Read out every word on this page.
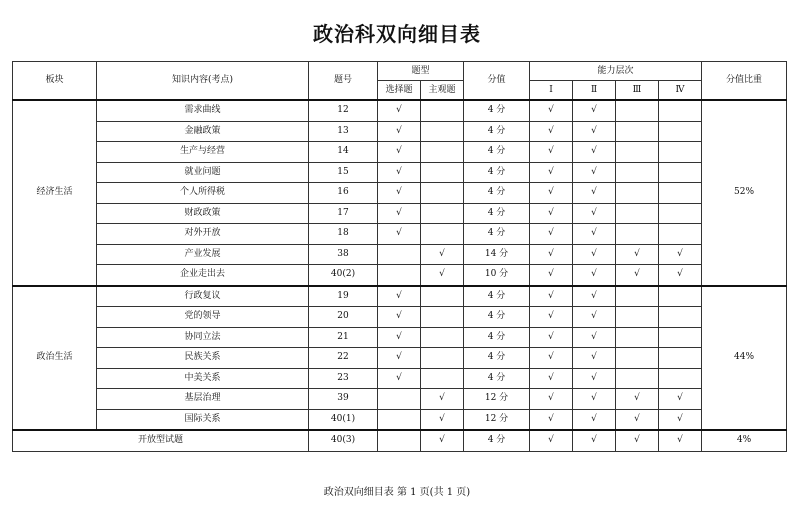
政治科双向细目表
板块	知识内容(考点)	题号	题型		分值	能力层次				分值比重
			选择题	主观题		Ⅰ	Ⅱ	Ⅲ	Ⅳ	
经济生活	需求曲线	12	√		4 分	√	√			52%
	金融政策	13	√		4 分	√	√			
	生产与经营	14	√		4 分	√	√			
	就业问题	15	√		4 分	√	√			
	个人所得税	16	√		4 分	√	√			
	财政政策	17	√		4 分	√	√			
	对外开放	18	√		4 分	√	√			
	产业发展	38		√	14 分	√	√	√	√	
	企业走出去	40(2)		√	10 分	√	√	√	√	
政治生活	行政复议	19	√		4 分	√	√			44%
	党的领导	20	√		4 分	√	√			
	协同立法	21	√		4 分	√	√			
	民族关系	22	√		4 分	√	√			
	中美关系	23	√		4 分	√	√			
	基层治理	39		√	12 分	√	√	√	√	
	国际关系	40(1)		√	12 分	√	√	√	√	
开放型试题		40(3)		√	4 分	√	√	√	√	4%
政治双向细目表 第 1 页(共 1 页)
